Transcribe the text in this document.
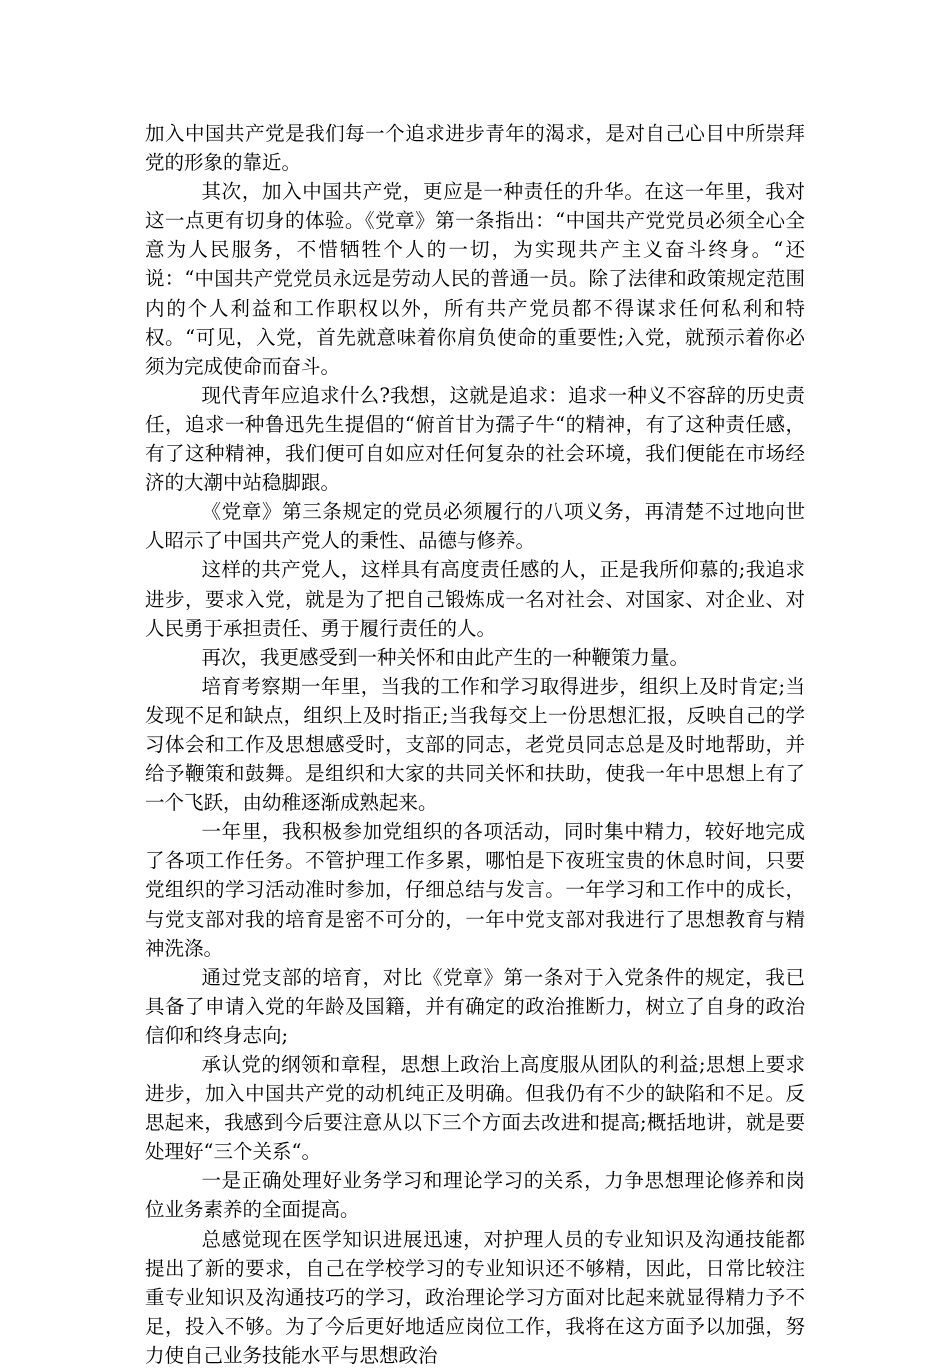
加入中国共产党是我们每一个追求进步青年的渴求，是对自己心目中所崇拜党的形象的靠近。

其次，加入中国共产党，更应是一种责任的升华。在这一年里，我对这一点更有切身的体验。《党章》第一条指出：“中国共产党党员必须全心全意为人民服务，不惜牺牲个人的一切，为实现共产主义奋斗终身。“还说：“中国共产党党员永远是劳动人民的普通一员。除了法律和政策规定范围内的个人利益和工作职权以外，所有共产党员都不得谋求任何私利和特权。“可见，入党，首先就意味着你肩负使命的重要性;入党，就预示着你必须为完成使命而奋斗。

现代青年应追求什么?我想，这就是追求：追求一种义不容辞的历史责任，追求一种鲁迅先生提倡的“俯首甘为孺子牛“的精神，有了这种责任感，有了这种精神，我们便可自如应对任何复杂的社会环境，我们便能在市场经济的大潮中站稳脚跟。

《党章》第三条规定的党员必须履行的八项义务，再清楚不过地向世人昭示了中国共产党人的秉性、品德与修养。

这样的共产党人，这样具有高度责任感的人，正是我所仰慕的;我追求进步，要求入党，就是为了把自己锻炼成一名对社会、对国家、对企业、对人民勇于承担责任、勇于履行责任的人。

再次，我更感受到一种关怀和由此产生的一种鞭策力量。

培育考察期一年里，当我的工作和学习取得进步，组织上及时肯定;当发现不足和缺点，组织上及时指正;当我每交上一份思想汇报，反映自己的学习体会和工作及思想感受时，支部的同志，老党员同志总是及时地帮助，并给予鞭策和鼓舞。是组织和大家的共同关怀和扶助，使我一年中思想上有了一个飞跃，由幼稚逐渐成熟起来。

一年里，我积极参加党组织的各项活动，同时集中精力，较好地完成了各项工作任务。不管护理工作多累，哪怕是下夜班宝贵的休息时间，只要党组织的学习活动准时参加，仔细总结与发言。一年学习和工作中的成长，与党支部对我的培育是密不可分的，一年中党支部对我进行了思想教育与精神洗涤。

通过党支部的培育，对比《党章》第一条对于入党条件的规定，我已具备了申请入党的年龄及国籍，并有确定的政治推断力，树立了自身的政治信仰和终身志向;

承认党的纲领和章程，思想上政治上高度服从团队的利益;思想上要求进步，加入中国共产党的动机纯正及明确。但我仍有不少的缺陷和不足。反思起来，我感到今后要注意从以下三个方面去改进和提高;概括地讲，就是要处理好“三个关系“。

一是正确处理好业务学习和理论学习的关系，力争思想理论修养和岗位业务素养的全面提高。

总感觉现在医学知识进展迅速，对护理人员的专业知识及沟通技能都提出了新的要求，自己在学校学习的专业知识还不够精，因此，日常比较注重专业知识及沟通技巧的学习，政治理论学习方面对比起来就显得精力予不足，投入不够。为了今后更好地适应岗位工作，我将在这方面予以加强，努力使自己业务技能水平与思想政治
